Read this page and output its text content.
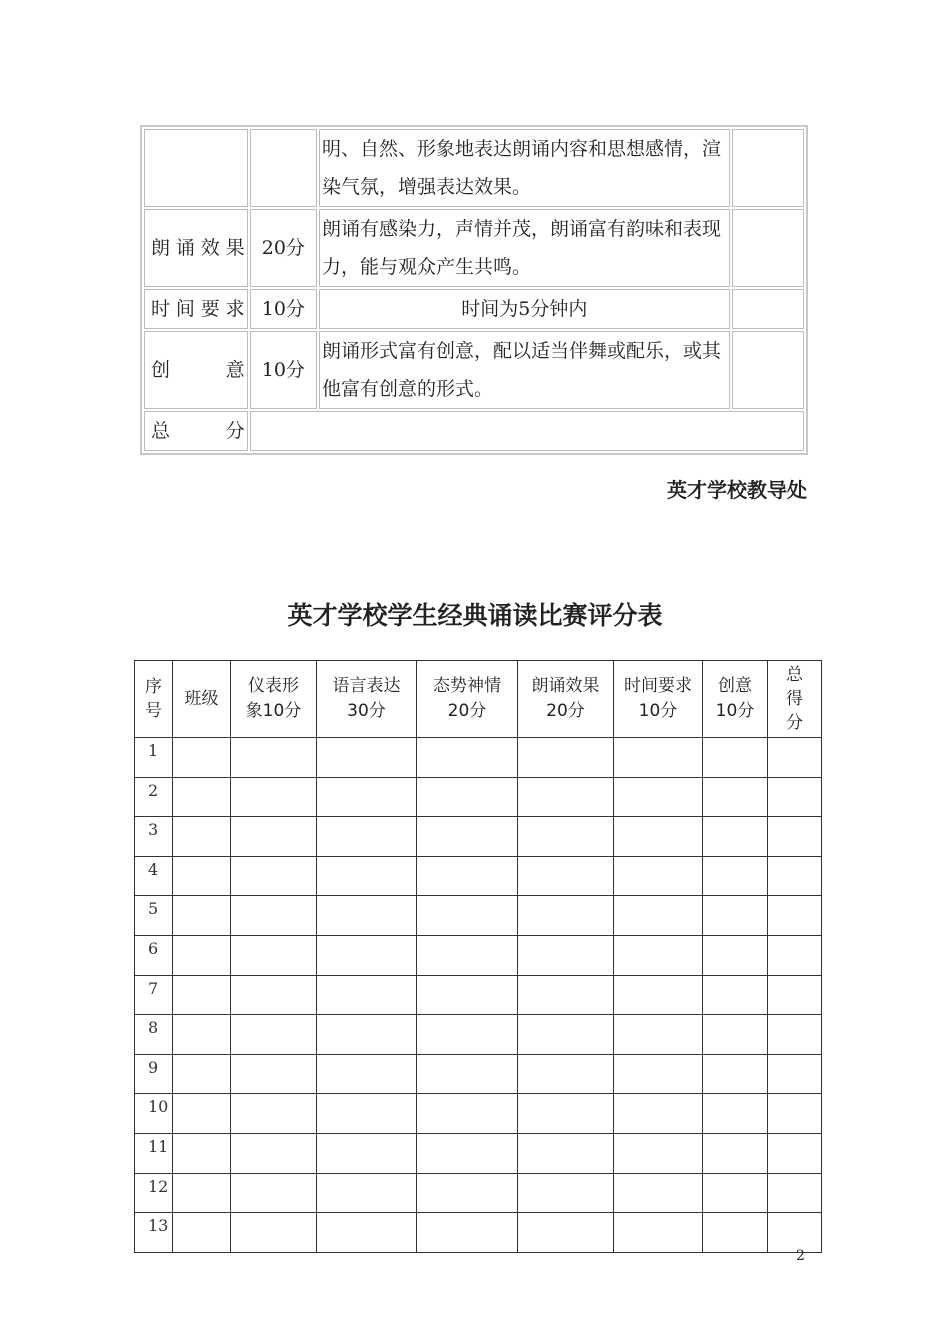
		明、自然、形象地表达朗诵内容和思想感情，渲染气氛，增强表达效果。	
朗诵效果	20分	朗诵有感染力，声情并茂，朗诵富有韵味和表现力，能与观众产生共鸣。	
时间要求	10分	时间为5分钟内	
创　　意	10分	朗诵形式富有创意，配以适当伴舞或配乐，或其他富有创意的形式。	
总　　分			
英才学校教导处
英才学校学生经典诵读比赛评分表
序号	班级	仪表形象10分	语言表达30分	态势神情20分	朗诵效果20分	时间要求10分	创意10分	总得分

1								
2								
3								
4								
5								
6								
7								
8								
9								
10								
11								
12								
13								
2
